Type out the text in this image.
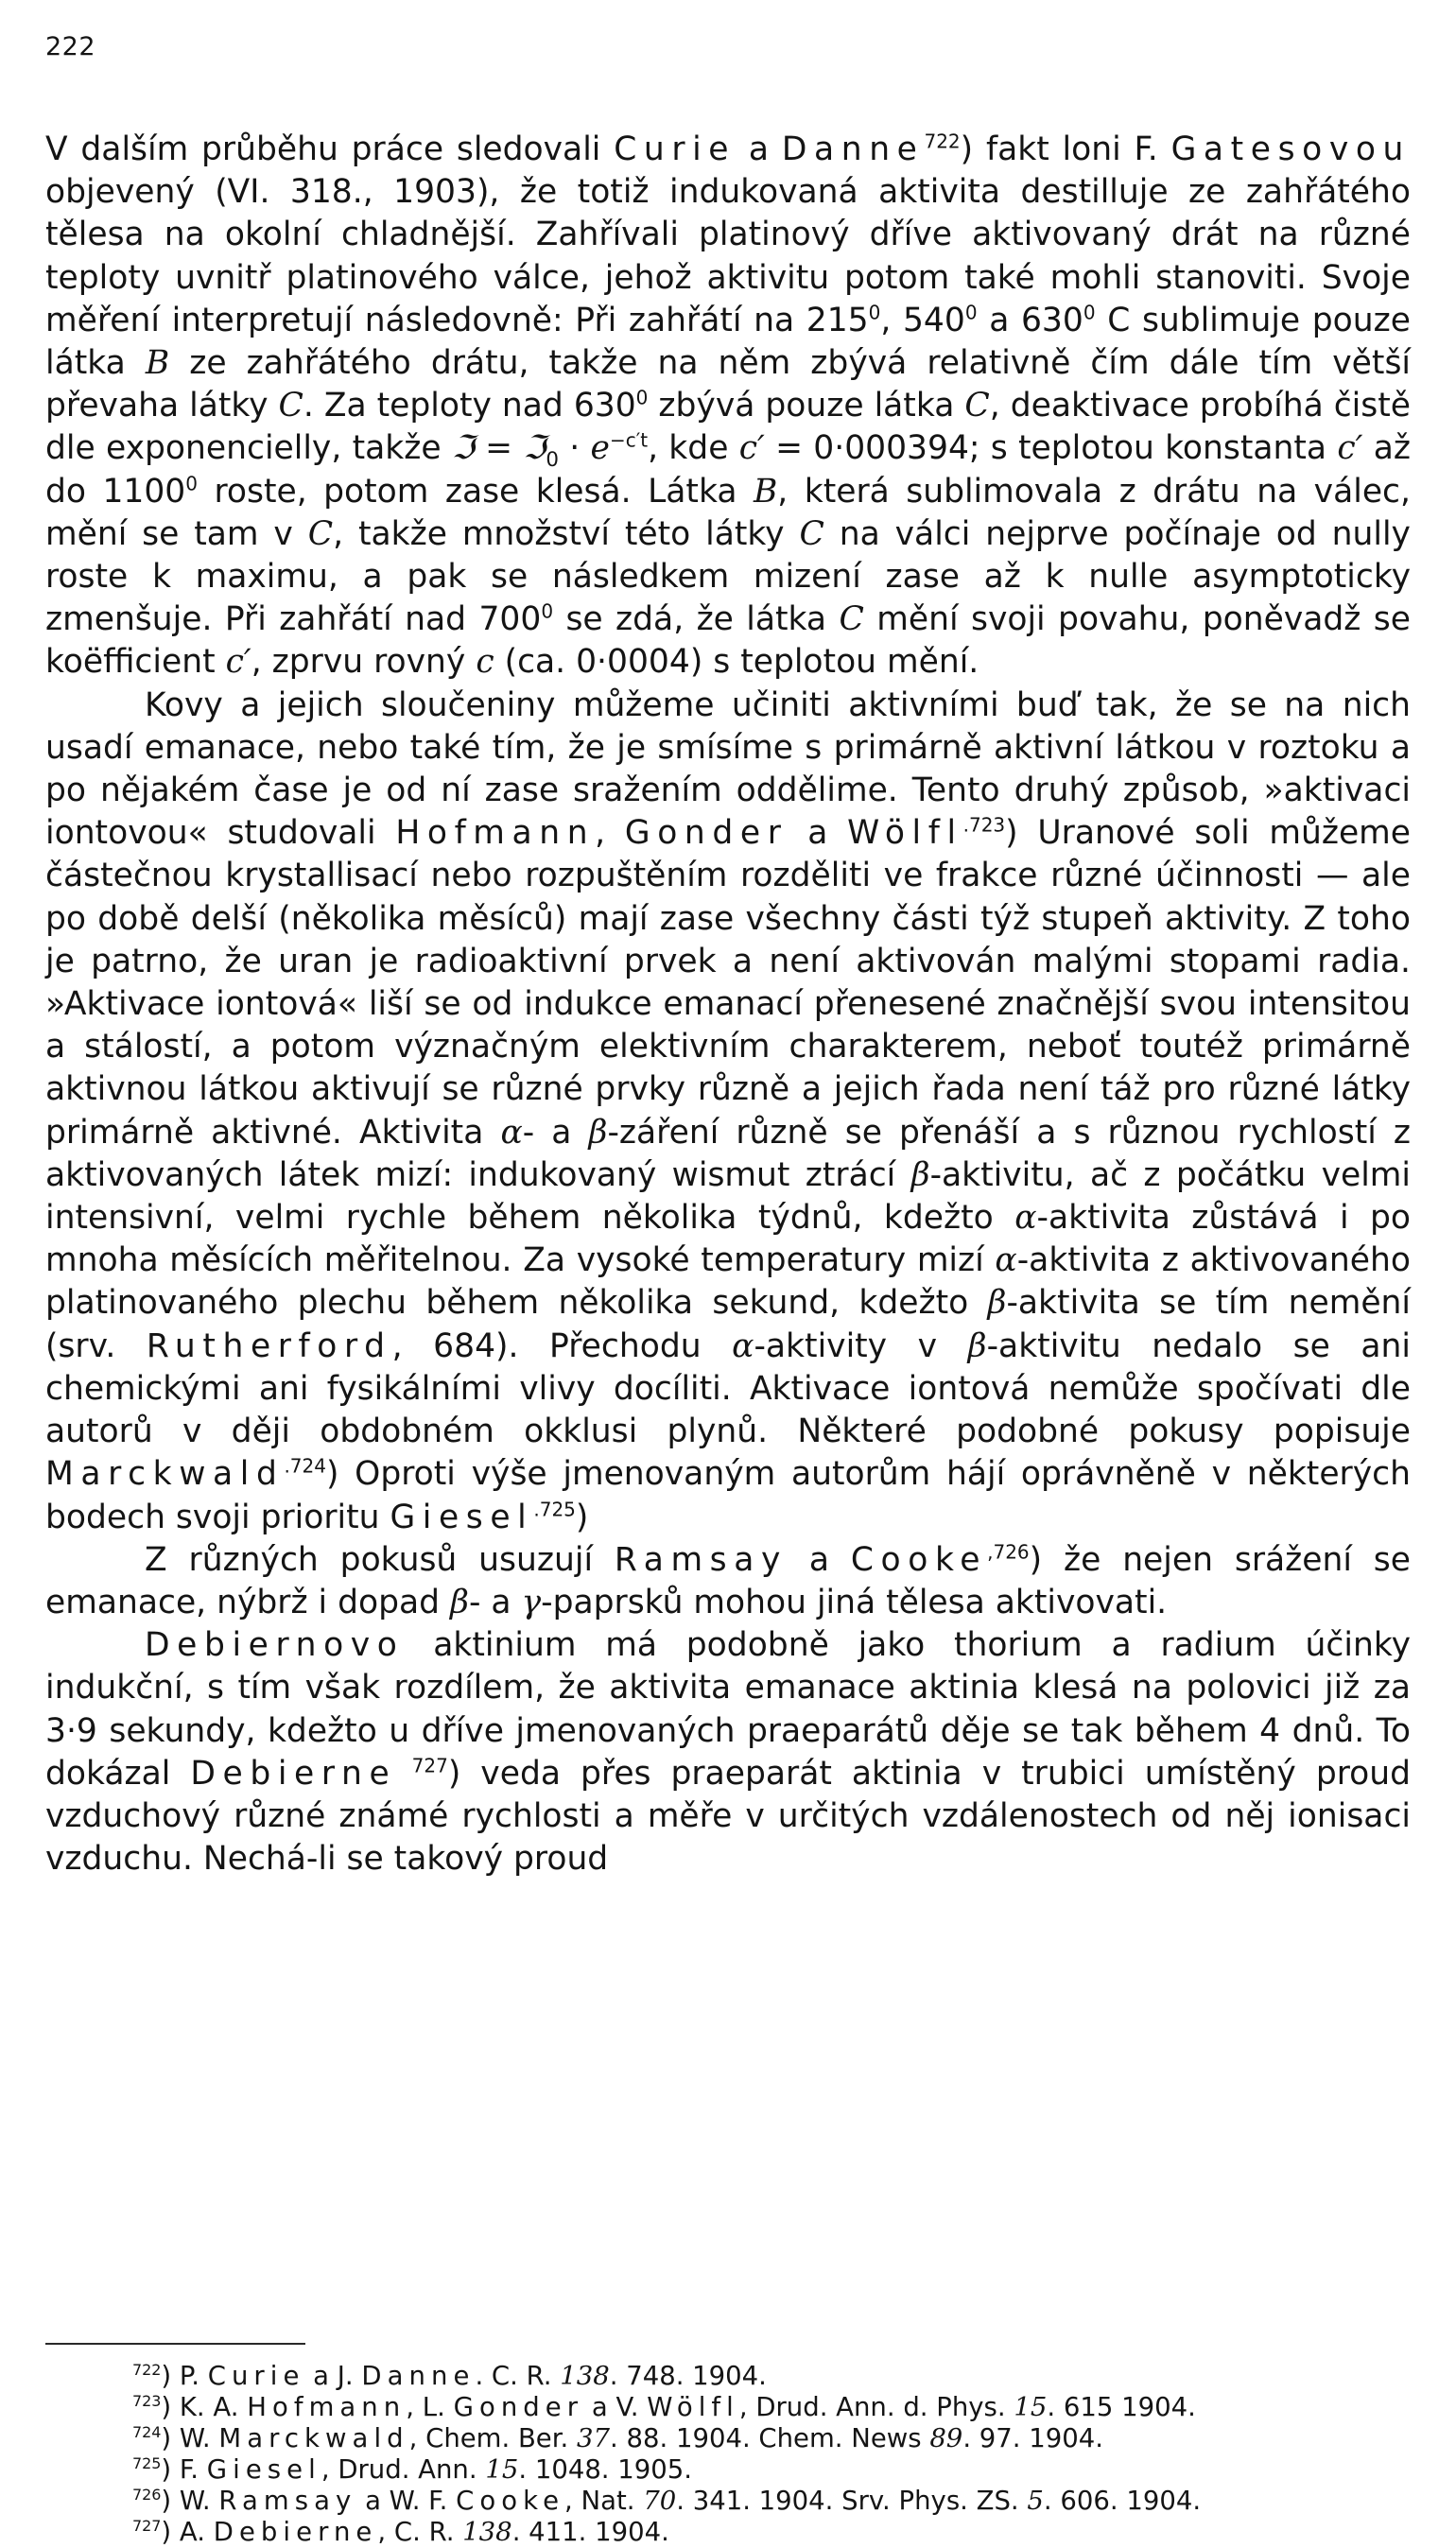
222

V dalším průběhu práce sledovali Curie a Danne$^{722}$) fakt loni F. Gatesovou objevený (VI. 318., 1903), že totiž indukovaná aktivita destilluje ze zahřátého tělesa na okolní chladnější. Zahřívali platinový dříve aktivovaný drát na různé teploty uvnitř platinového válce, jehož aktivitu potom také mohli stanoviti. Svoje měření interpretují následovně: Při zahřátí na $215^0$, $540^0$ a $630^0$ C sublimuje pouze látka B ze zahřátého drátu, takže na něm zbývá relativně čím dále tím větší převaha látky C. Za teploty nad $630^0$ zbývá pouze látka C, deaktivace probíhá čistě dle exponencielly, takže ℑ = ℑ$_0$ · $e^{-c't}$, kde c′ = 0·000394; s teplotou konstanta c′ až do 1100$^0$ roste, potom zase klesá. Látka B, která sublimovala z drátu na válec, mění se tam v C, takže množství této látky C na válci nejprve počínaje od nully roste k maximu, a pak se následkem mizení zase až k nulle asymptoticky zmenšuje. Při zahřátí nad $700^0$ se zdá, že látka C mění svoji povahu, poněvadž se koëfficient c′, zprvu rovný c (ca. 0·0004) s teplotou mění.

Kovy a jejich sloučeniny můžeme učiniti aktivními buď tak, že se na nich usadí emanace, nebo také tím, že je smísíme s primárně aktivní látkou v roztoku a po nějakém čase je od ní zase sražením oddělime. Tento druhý způsob, »aktivaci iontovou« studovali Hofmann, Gonder a Wölfl$^{.723}$) Uranové soli můžeme částečnou krystallisací nebo rozpuštěním rozděliti ve frakce různé účinnosti — ale po době delší (několika měsíců) mají zase všechny části týž stupeň aktivity. Z toho je patrno, že uran je radioaktivní prvek a není aktivován malými stopami radia. »Aktivace iontová« liší se od indukce emanací přenesené značnější svou intensitou a stálostí, a potom význačným elektivním charakterem, neboť toutéž primárně aktivnou látkou aktivují se různé prvky různě a jejich řada není táž pro různé látky primárně aktivné. Aktivita α- a β-záření různě se přenáší a s různou rychlostí z aktivovaných látek mizí: indukovaný wismut ztrácí β-aktivitu, ač z počátku velmi intensivní, velmi rychle během několika týdnů, kdežto α-aktivita zůstává i po mnoha měsících měřitelnou. Za vysoké temperatury mizí α-aktivita z aktivovaného platinovaného plechu během několika sekund, kdežto β-aktivita se tím nemění (srv. Rutherford, 684). Přechodu α-aktivity v β-aktivitu nedalo se ani chemickými ani fysikálními vlivy docíliti. Aktivace iontová nemůže spočívati dle autorů v ději obdobném okklusi plynů. Některé podobné pokusy popisuje Marckwald$^{.724}$) Oproti výše jmenovaným autorům hájí oprávněně v některých bodech svoji prioritu Giesel$^{.725}$)

Z různých pokusů usuzují Ramsay a Cooke$^{,726}$) že nejen srážení se emanace, nýbrž i dopad β- a γ-paprsků mohou jiná tělesa aktivovati.

Debiernovo aktinium má podobně jako thorium a radium účinky indukční, s tím však rozdílem, že aktivita emanace aktinia klesá na polovici již za 3·9 sekundy, kdežto u dříve jmenovaných praeparátů děje se tak během 4 dnů. To dokázal Debierne $^{727}$) veda přes praeparát aktinia v trubici umístěný proud vzduchový různé známé rychlosti a měře v určitých vzdálenostech od něj ionisaci vzduchu. Nechá-li se takový proud

$^{722}$) P. Curie a J. Danne. C. R. 138. 748. 1904.

$^{723}$) K. A. Hofmann, L. Gonder a V. Wölfl, Drud. Ann. d. Phys. 15. 615 1904.

$^{724}$) W. Marckwald, Chem. Ber. 37. 88. 1904. Chem. News 89. 97. 1904.

$^{725}$) F. Giesel, Drud. Ann. 15. 1048. 1905.

$^{726}$) W. Ramsay a W. F. Cooke, Nat. 70. 341. 1904. Srv. Phys. ZS. 5. 606. 1904.

$^{727}$) A. Debierne, C. R. 138. 411. 1904.
